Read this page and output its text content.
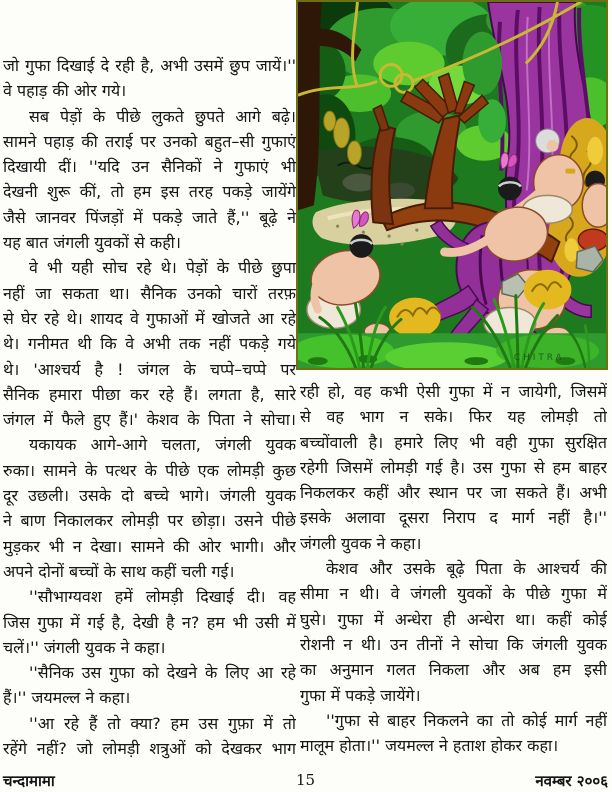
CHITRA
जो गुफा दिखाई दे रही है, अभी उसमें छुप जायें।''
वे पहाड़ की ओर गये।
सब पेड़ों के पीछे लुकते छुपते आगे बढ़े।
सामने पहाड़ की तराई पर उनको बहुत–सी गुफाएं
दिखायी दीं। ''यदि उन सैनिकों ने गुफाएं भी
देखनी शुरू कीं, तो हम इस तरह पकड़े जायेंगे
जैसे जानवर पिंजड़ों में पकड़े जाते हैं,'' बूढ़े ने
यह बात जंगली युवकों से कही।
वे भी यही सोच रहे थे। पेड़ों के पीछे छुपा
नहीं जा सकता था। सैनिक उनको चारों तरफ़
से घेर रहे थे। शायद वे गुफाओं में खोजते आ रहे
थे। गनीमत थी कि वे अभी तक नहीं पकड़े गये
थे। 'आश्चर्य है ! जंगल के चप्पे–चप्पे पर
सैनिक हमारा पीछा कर रहे हैं। लगता है, सारे
जंगल में फैले हुए हैं।' केशव के पिता ने सोचा।
यकायक आगे-आगे चलता, जंगली युवक
रुका। सामने के पत्थर के पीछे एक लोमड़ी कुछ
दूर उछली। उसके दो बच्चे भागे। जंगली युवक
ने बाण निकालकर लोमड़ी पर छोड़ा। उसने पीछे
मुड़कर भी न देखा। सामने की ओर भागी। और
अपने दोनों बच्चों के साथ कहीं चली गई।
''सौभाग्यवश हमें लोमड़ी दिखाई दी। वह
जिस गुफा में गई है, देखी है न? हम भी उसी में
चलें।'' जंगली युवक ने कहा।
''सैनिक उस गुफा को देखने के लिए आ रहे
हैं।'' जयमल्ल ने कहा।
''आ रहे हैं तो क्या? हम उस गुफ़ा में तो
रहेंगे नहीं? जो लोमड़ी शत्रुओं को देखकर भाग
रही हो, वह कभी ऐसी गुफा में न जायेगी, जिसमें
से वह भाग न सके। फिर यह लोमड़ी तो
बच्चोंवाली है। हमारे लिए भी वही गुफा सुरक्षित
रहेगी जिसमें लोमड़ी गई है। उस गुफा से हम बाहर
निकलकर कहीं और स्थान पर जा सकते हैं। अभी
इसके अलावा दूसरा निराप द मार्ग नहीं है।''
जंगली युवक ने कहा।
केशव और उसके बूढ़े पिता के आश्चर्य की
सीमा न थी। वे जंगली युवकों के पीछे गुफा में
घुसे। गुफा में अन्धेरा ही अन्धेरा था। कहीं कोई
रोशनी न थी। उन तीनों ने सोचा कि जंगली युवक
का अनुमान गलत निकला और अब हम इसी
गुफा में पकड़े जायेंगे।
''गुफा से बाहर निकलने का तो कोई मार्ग नहीं
मालूम होता।'' जयमल्ल ने हताश होकर कहा।
चन्दामामा	15	नवम्बर २००६
